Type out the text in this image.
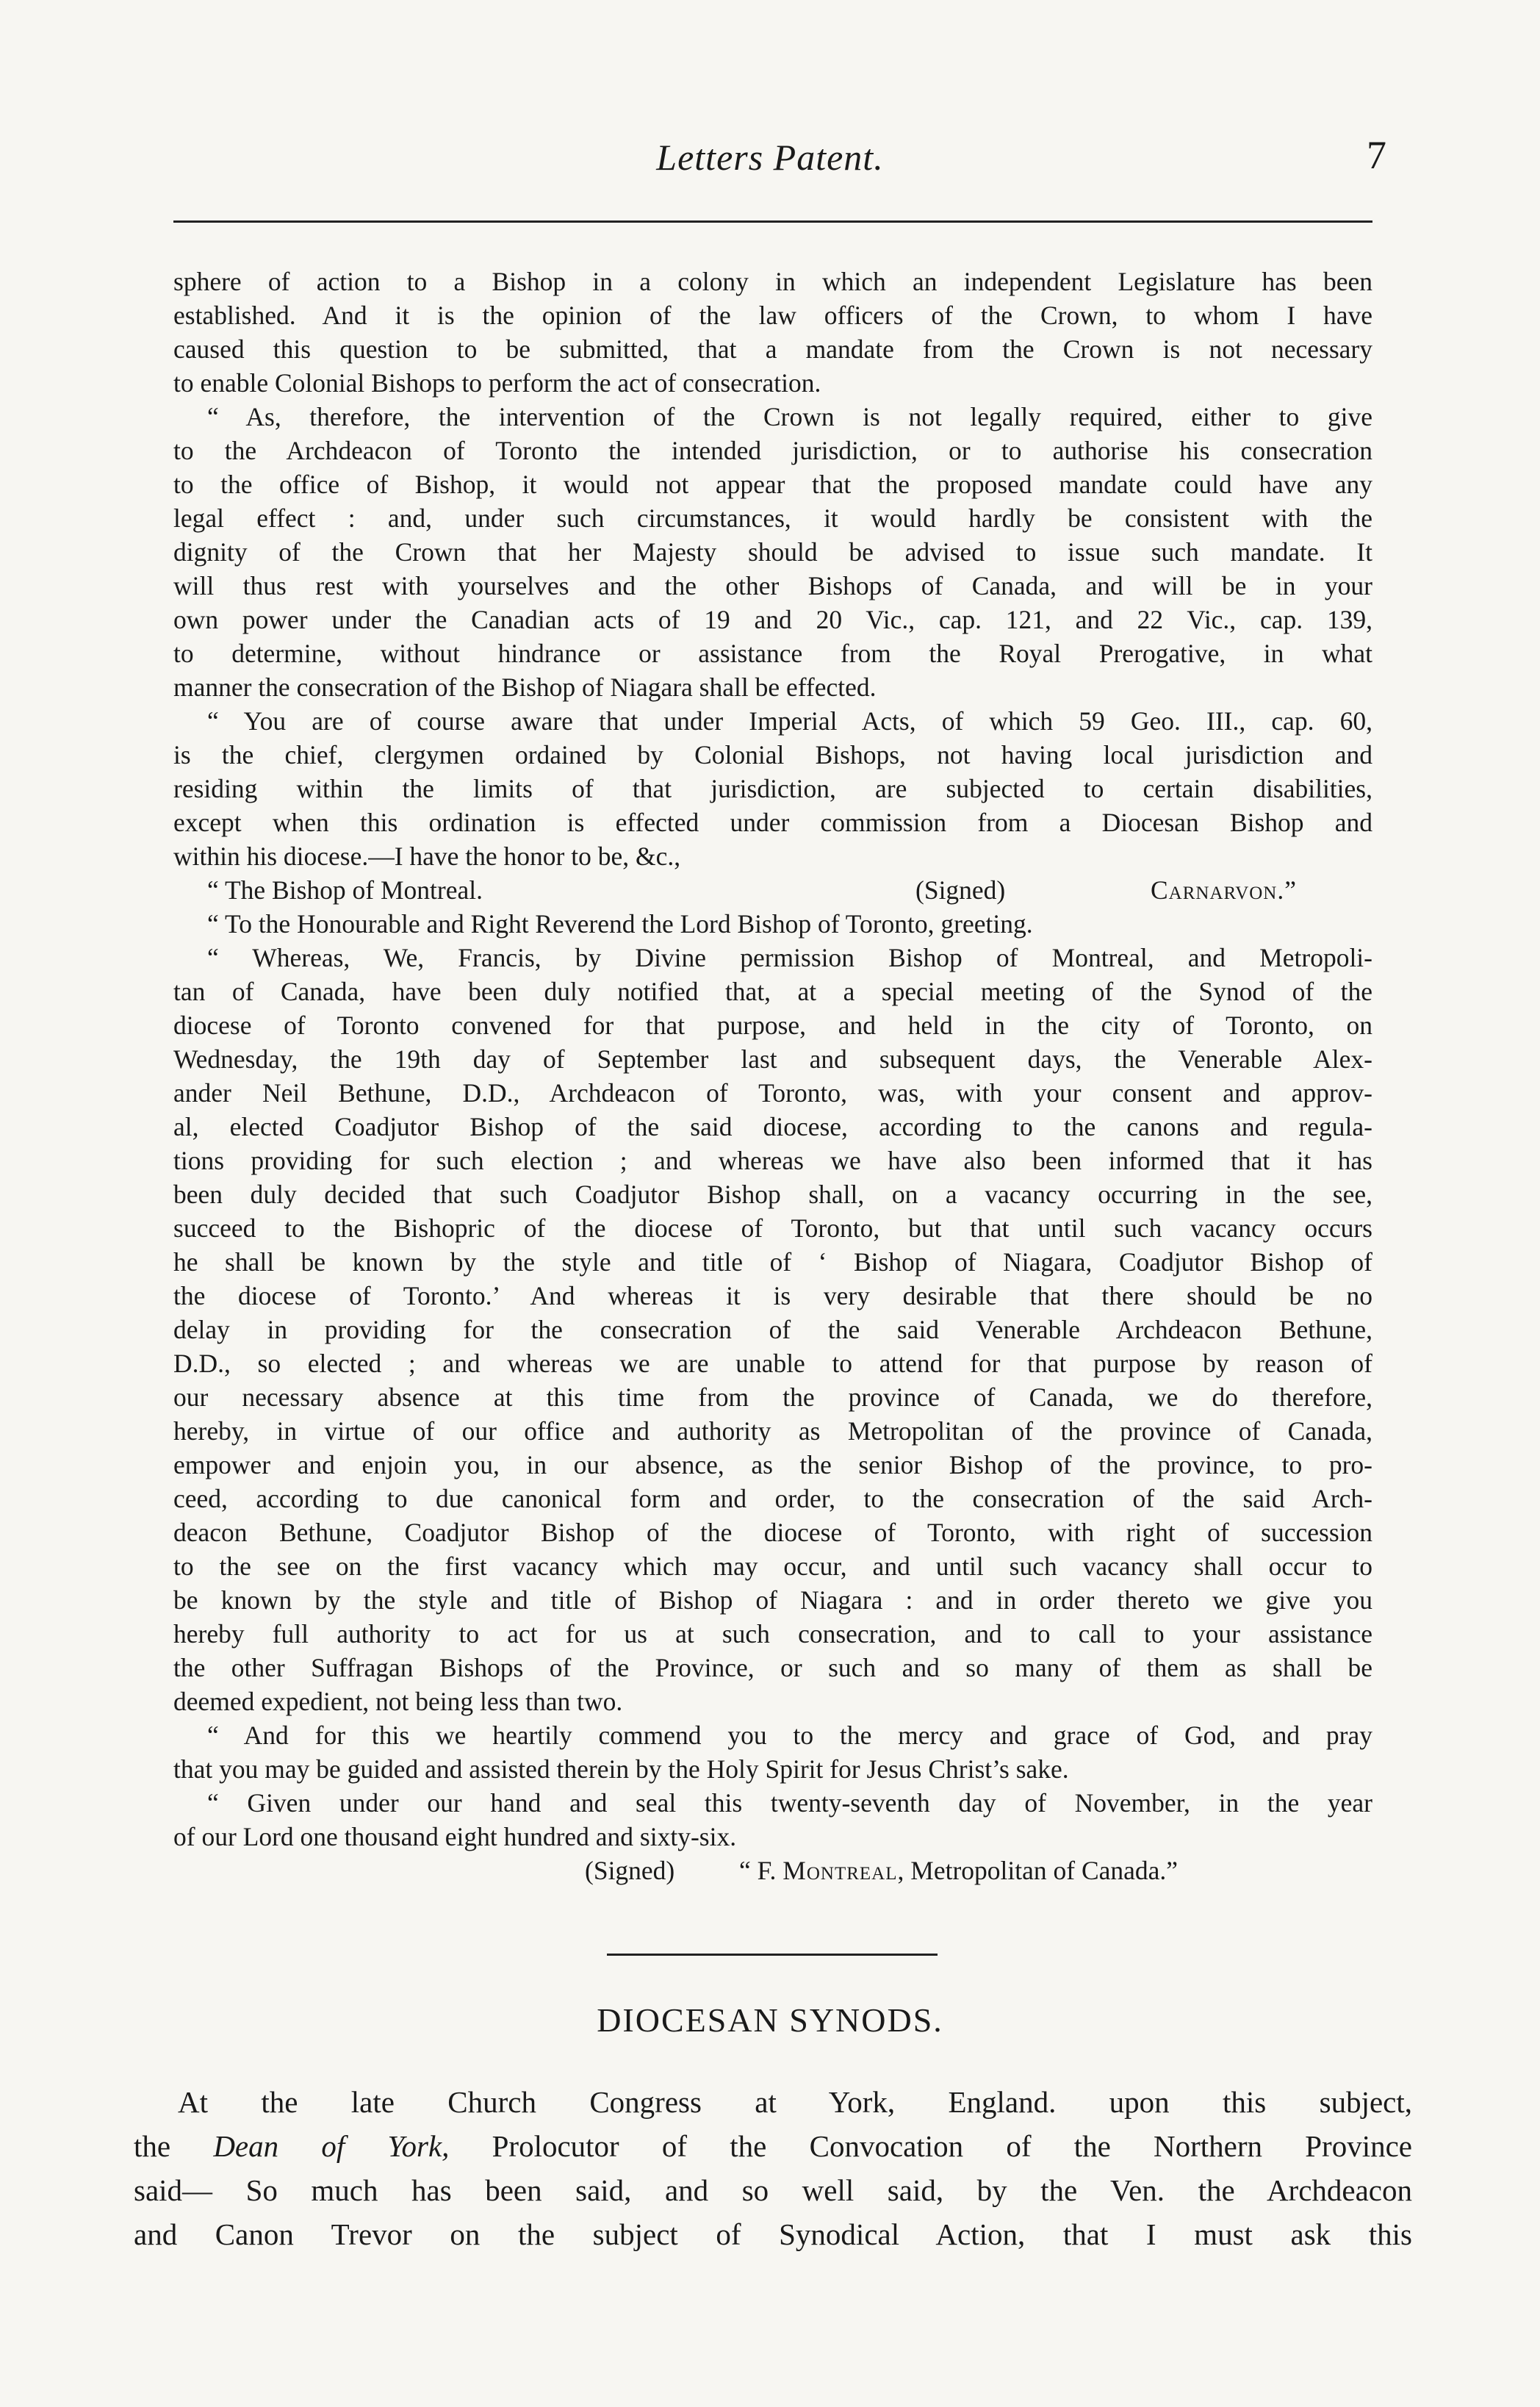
Letters Patent.	7
sphere of action to a Bishop in a colony in which an independent Legislature has been
established. And it is the opinion of the law officers of the Crown, to whom I have
caused this question to be submitted, that a mandate from the Crown is not necessary
to enable Colonial Bishops to perform the act of consecration.
“ As, therefore, the intervention of the Crown is not legally required, either to give
to the Archdeacon of Toronto the intended jurisdiction, or to authorise his consecration
to the office of Bishop, it would not appear that the proposed mandate could have any
legal effect : and, under such circumstances, it would hardly be consistent with the
dignity of the Crown that her Majesty should be advised to issue such mandate. It
will thus rest with yourselves and the other Bishops of Canada, and will be in your
own power under the Canadian acts of 19 and 20 Vic., cap. 121, and 22 Vic., cap. 139,
to determine, without hindrance or assistance from the Royal Prerogative, in what
manner the consecration of the Bishop of Niagara shall be effected.
“ You are of course aware that under Imperial Acts, of which 59 Geo. III., cap. 60,
is the chief, clergymen ordained by Colonial Bishops, not having local jurisdiction and
residing within the limits of that jurisdiction, are subjected to certain disabilities,
except when this ordination is effected under commission from a Diocesan Bishop and
within his diocese.—I have the honor to be, &c.,
“ The Bishop of Montreal.	(Signed)	Carnarvon.”
“ To the Honourable and Right Reverend the Lord Bishop of Toronto, greeting.
“ Whereas, We, Francis, by Divine permission Bishop of Montreal, and Metropoli-
tan of Canada, have been duly notified that, at a special meeting of the Synod of the
diocese of Toronto convened for that purpose, and held in the city of Toronto, on
Wednesday, the 19th day of September last and subsequent days, the Venerable Alex-
ander Neil Bethune, D.D., Archdeacon of Toronto, was, with your consent and approv-
al, elected Coadjutor Bishop of the said diocese, according to the canons and regula-
tions providing for such election ; and whereas we have also been informed that it has
been duly decided that such Coadjutor Bishop shall, on a vacancy occurring in the see,
succeed to the Bishopric of the diocese of Toronto, but that until such vacancy occurs
he shall be known by the style and title of ‘ Bishop of Niagara, Coadjutor Bishop of
the diocese of Toronto.’ And whereas it is very desirable that there should be no
delay in providing for the consecration of the said Venerable Archdeacon Bethune,
D.D., so elected ; and whereas we are unable to attend for that purpose by reason of
our necessary absence at this time from the province of Canada, we do therefore,
hereby, in virtue of our office and authority as Metropolitan of the province of Canada,
empower and enjoin you, in our absence, as the senior Bishop of the province, to pro-
ceed, according to due canonical form and order, to the consecration of the said Arch-
deacon Bethune, Coadjutor Bishop of the diocese of Toronto, with right of succession
to the see on the first vacancy which may occur, and until such vacancy shall occur to
be known by the style and title of Bishop of Niagara : and in order thereto we give you
hereby full authority to act for us at such consecration, and to call to your assistance
the other Suffragan Bishops of the Province, or such and so many of them as shall be
deemed expedient, not being less than two.
“ And for this we heartily commend you to the mercy and grace of God, and pray
that you may be guided and assisted therein by the Holy Spirit for Jesus Christ’s sake.
“ Given under our hand and seal this twenty-seventh day of November, in the year
of our Lord one thousand eight hundred and sixty-six.
(Signed) “ F. Montreal, Metropolitan of Canada.”
DIOCESAN SYNODS.
At the late Church Congress at York, England. upon this subject,
the Dean of York, Prolocutor of the Convocation of the Northern Province
said— So much has been said, and so well said, by the Ven. the Archdeacon
and Canon Trevor on the subject of Synodical Action, that I must ask this
